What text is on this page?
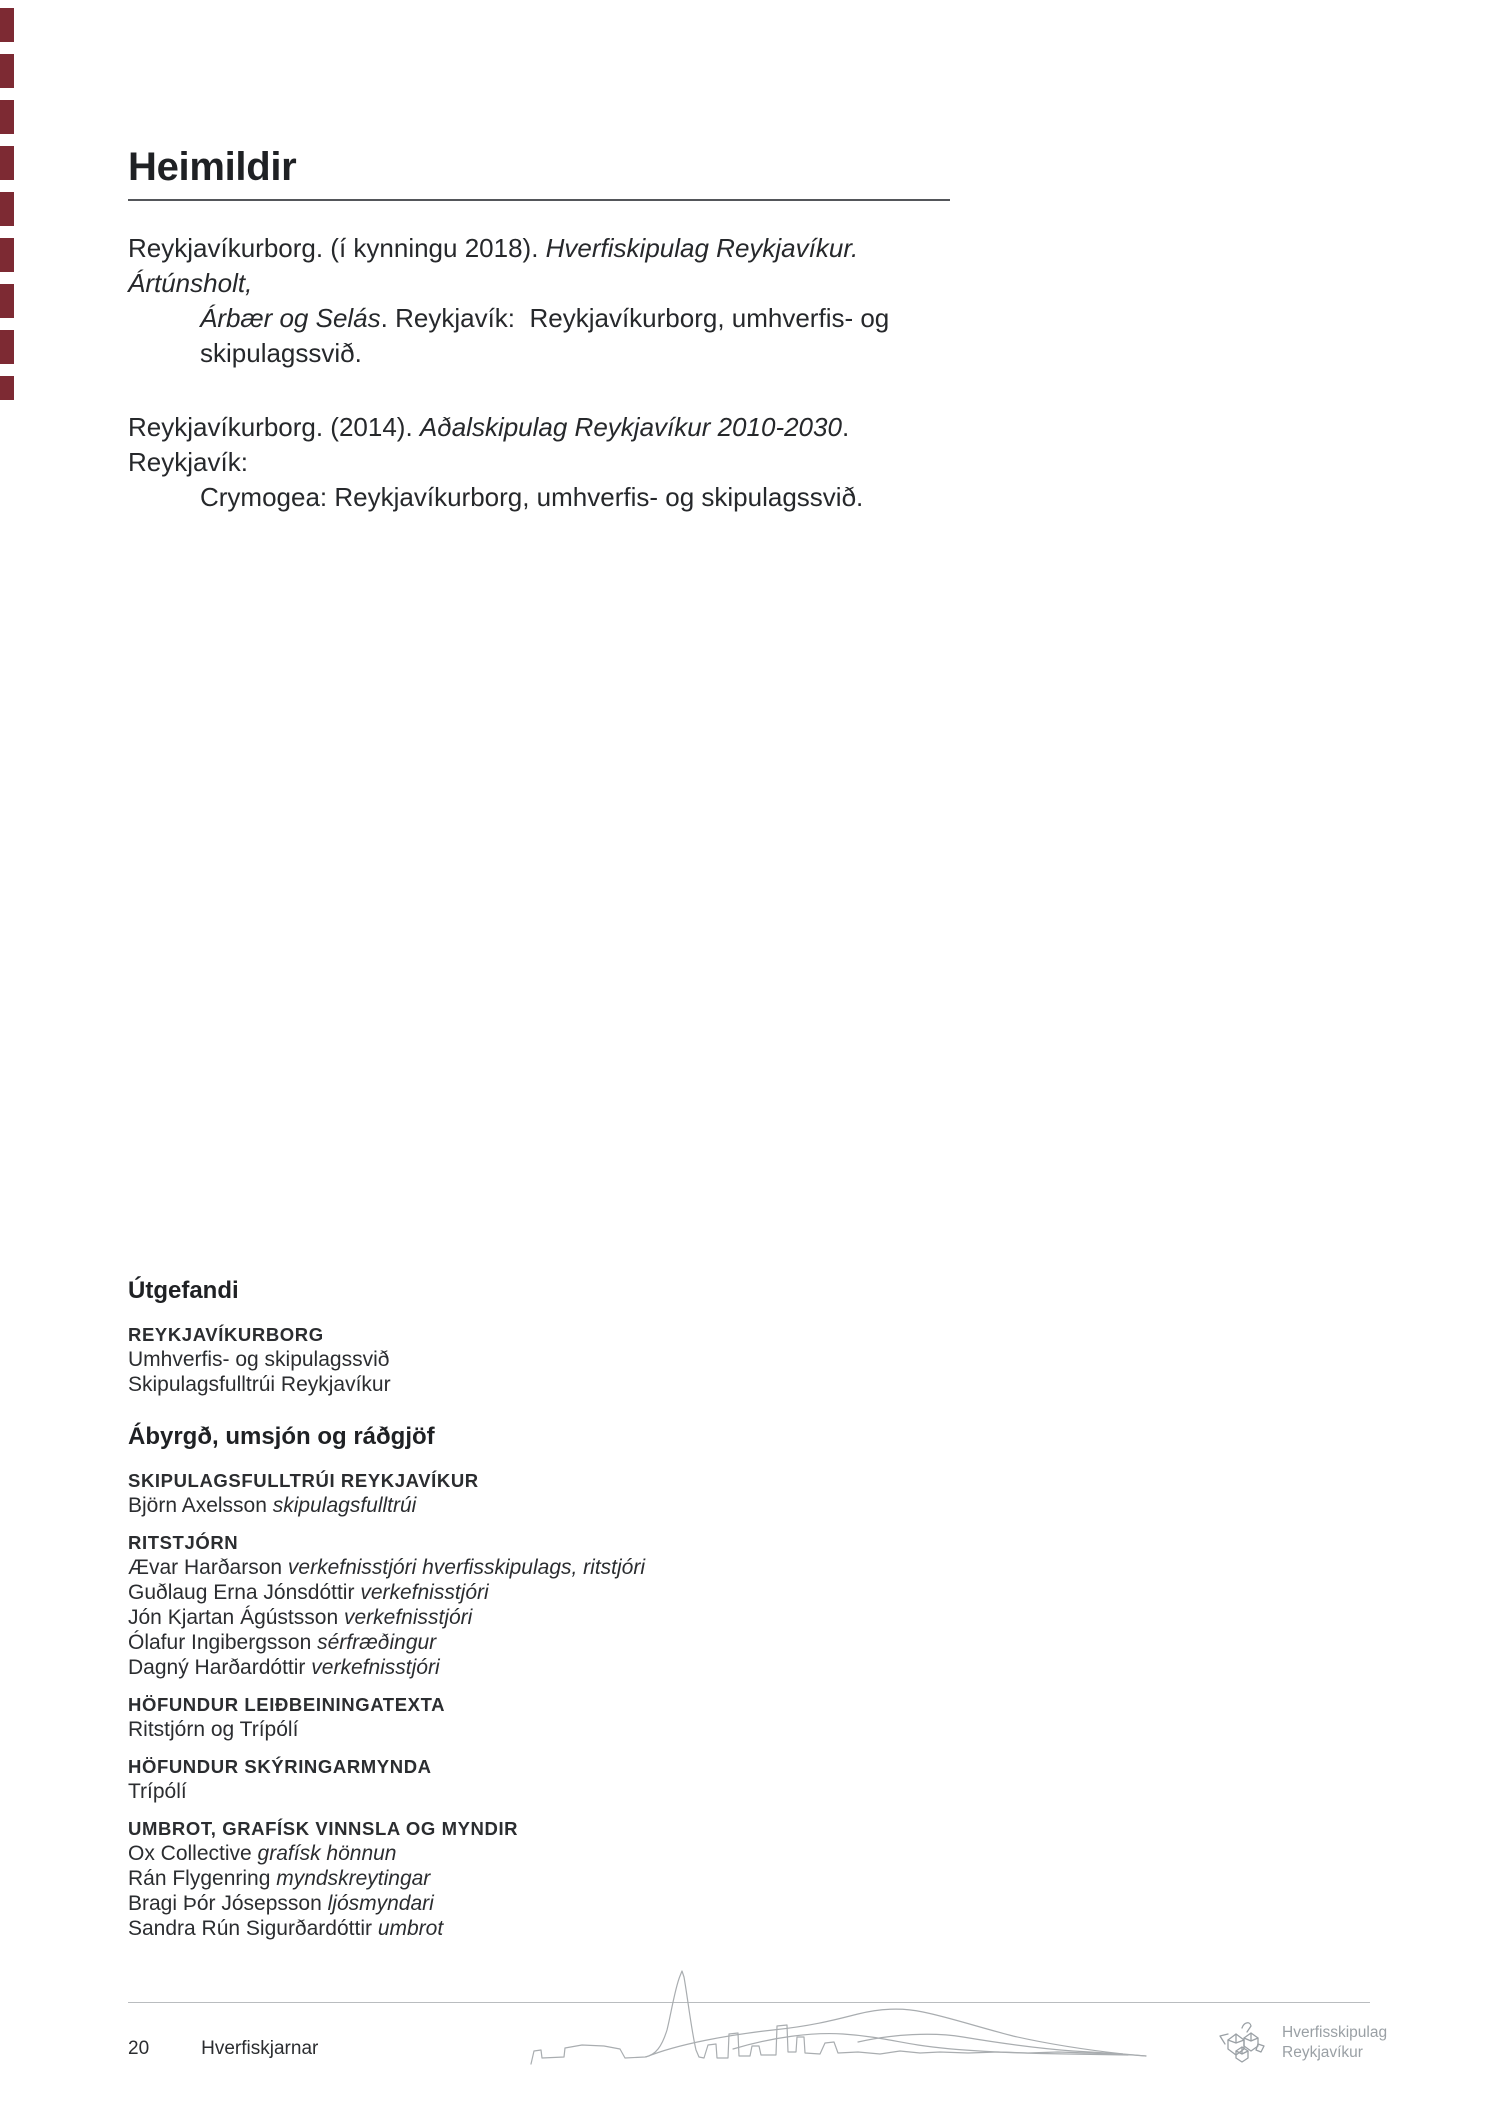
Heimildir

Reykjavíkurborg. (í kynningu 2018). Hverfiskipulag Reykjavíkur. Ártúnsholt,
Árbær og Selás. Reykjavík:  Reykjavíkurborg, umhverfis- og
skipulagssvið.

Reykjavíkurborg. (2014). Aðalskipulag Reykjavíkur 2010-2030. Reykjavík:
Crymogea: Reykjavíkurborg, umhverfis- og skipulagssvið.

Útgefandi
REYKJAVÍKURBORG
Umhverfis- og skipulagssvið
Skipulagsfulltrúi Reykjavíkur
Ábyrgð, umsjón og ráðgjöf
SKIPULAGSFULLTRÚI REYKJAVÍKUR
Björn Axelsson skipulagsfulltrúi
RITSTJÓRN
Ævar Harðarson verkefnisstjóri hverfisskipulags, ritstjóri
Guðlaug Erna Jónsdóttir verkefnisstjóri
Jón Kjartan Ágústsson verkefnisstjóri
Ólafur Ingibergsson sérfræðingur
Dagný Harðardóttir verkefnisstjóri
HÖFUNDUR LEIÐBEININGATEXTA
Ritstjórn og Trípólí
HÖFUNDUR SKÝRINGARMYNDA
Trípólí
UMBROT, GRAFÍSK VINNSLA OG MYNDIR
Ox Collective grafísk hönnun
Rán Flygenring myndskreytingar
Bragi Þór Jósepsson ljósmyndari
Sandra Rún Sigurðardóttir umbrot
20	Hverfiskjarnar
Hverfisskipulag
Reykjavíkur
